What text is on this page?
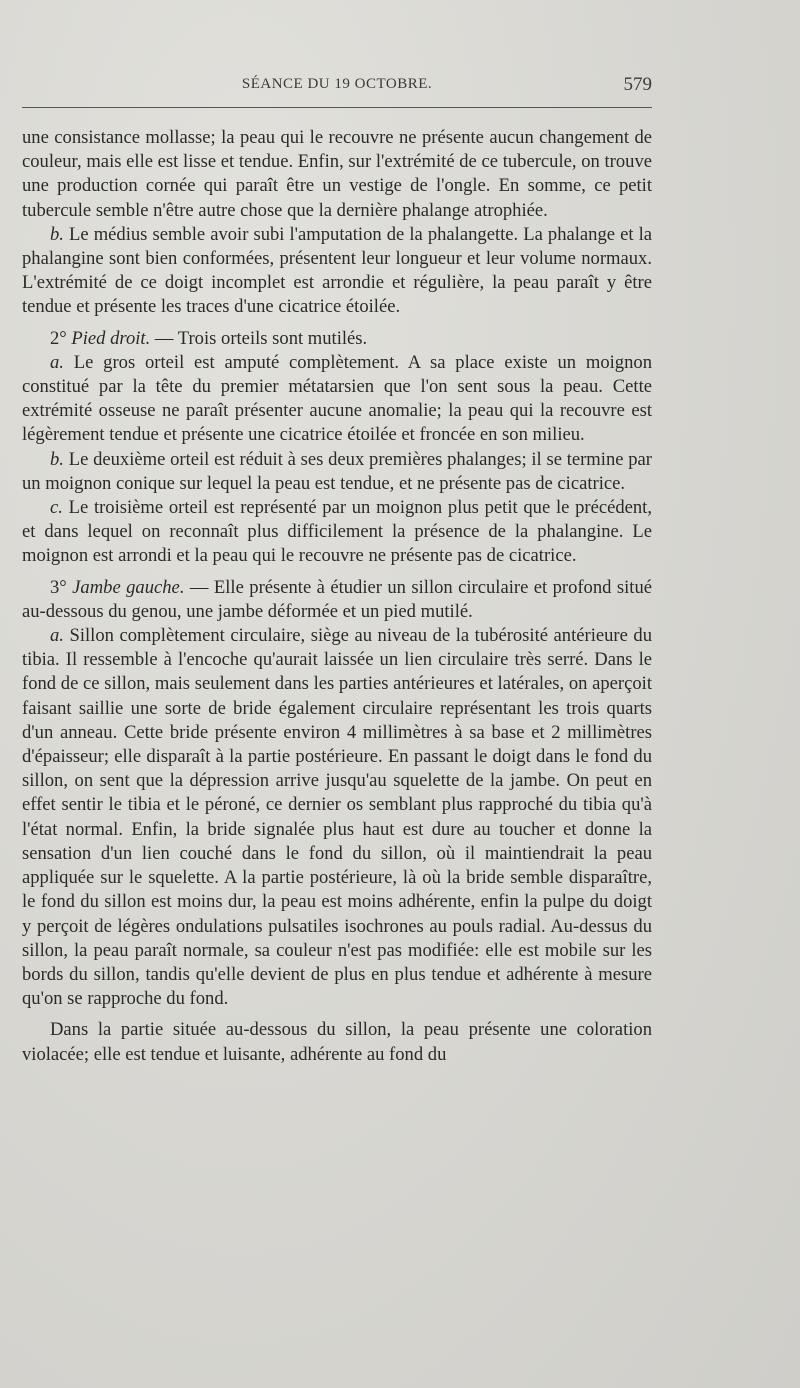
SÉANCE DU 19 OCTOBRE.	579

une consistance mollasse; la peau qui le recouvre ne présente aucun changement de couleur, mais elle est lisse et tendue. Enfin, sur l'extrémité de ce tubercule, on trouve une production cornée qui paraît être un vestige de l'ongle. En somme, ce petit tubercule semble n'être autre chose que la dernière phalange atrophiée.

b. Le médius semble avoir subi l'amputation de la phalangette. La phalange et la phalangine sont bien conformées, présentent leur longueur et leur volume normaux. L'extrémité de ce doigt incomplet est arrondie et régulière, la peau paraît y être tendue et présente les traces d'une cicatrice étoilée.

2° Pied droit. — Trois orteils sont mutilés.

a. Le gros orteil est amputé complètement. A sa place existe un moignon constitué par la tête du premier métatarsien que l'on sent sous la peau. Cette extrémité osseuse ne paraît présenter aucune anomalie; la peau qui la recouvre est légèrement tendue et présente une cicatrice étoilée et froncée en son milieu.

b. Le deuxième orteil est réduit à ses deux premières phalanges; il se termine par un moignon conique sur lequel la peau est tendue, et ne présente pas de cicatrice.

c. Le troisième orteil est représenté par un moignon plus petit que le précédent, et dans lequel on reconnaît plus difficilement la présence de la phalangine. Le moignon est arrondi et la peau qui le recouvre ne présente pas de cicatrice.

3° Jambe gauche. — Elle présente à étudier un sillon circulaire et profond situé au-dessous du genou, une jambe déformée et un pied mutilé.

a. Sillon complètement circulaire, siège au niveau de la tubérosité antérieure du tibia. Il ressemble à l'encoche qu'aurait laissée un lien circulaire très serré. Dans le fond de ce sillon, mais seulement dans les parties antérieures et latérales, on aperçoit faisant saillie une sorte de bride également circulaire représentant les trois quarts d'un anneau. Cette bride présente environ 4 millimètres à sa base et 2 millimètres d'épaisseur; elle disparaît à la partie postérieure. En passant le doigt dans le fond du sillon, on sent que la dépression arrive jusqu'au squelette de la jambe. On peut en effet sentir le tibia et le péroné, ce dernier os semblant plus rapproché du tibia qu'à l'état normal. Enfin, la bride signalée plus haut est dure au toucher et donne la sensation d'un lien couché dans le fond du sillon, où il maintiendrait la peau appliquée sur le squelette. A la partie postérieure, là où la bride semble disparaître, le fond du sillon est moins dur, la peau est moins adhérente, enfin la pulpe du doigt y perçoit de légères ondulations pulsatiles isochrones au pouls radial. Au-dessus du sillon, la peau paraît normale, sa couleur n'est pas modifiée: elle est mobile sur les bords du sillon, tandis qu'elle devient de plus en plus tendue et adhérente à mesure qu'on se rapproche du fond.

Dans la partie située au-dessous du sillon, la peau présente une coloration violacée; elle est tendue et luisante, adhérente au fond du
